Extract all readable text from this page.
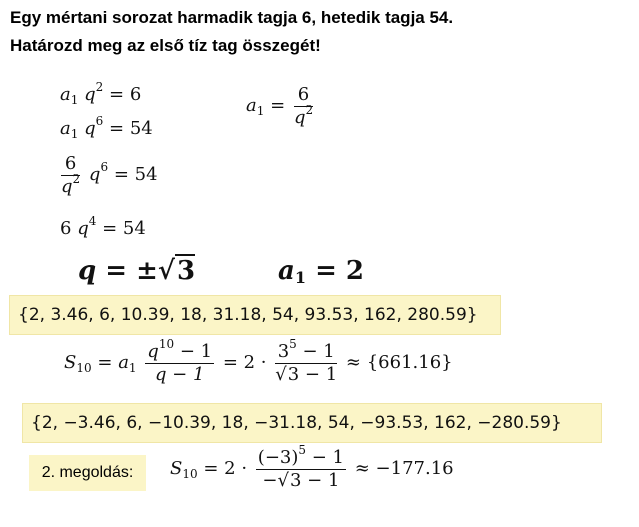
Egy mértani sorozat harmadik tagja 6, hetedik tagja 54.
Határozd meg az első tíz tag összegét!
$a_1$ $q^2 = 6$
$a_1$ $q^6 = 54$
$a_1 = \frac{6}{q^2}$
$\frac{6}{q^2} q^6 = 54$
6 $q^4 = 54$
q = ±√3	$a_1 = 2$
{2, 3.46, 6, 10.39, 18, 31.18, 54, 93.53, 162, 280.59}
$S_{10} = a_1 \frac{q^{10} - 1}{q - 1} = 2 \cdot \frac{3^5 - 1}{√3 - 1} \approx \{661.16\}$
{2, −3.46, 6, −10.39, 18, −31.18, 54, −93.53, 162, −280.59}
2. megoldás:	$S_{10} = 2 \cdot \frac{(-3)^5 - 1}{-√3 - 1} \approx -177.16$
